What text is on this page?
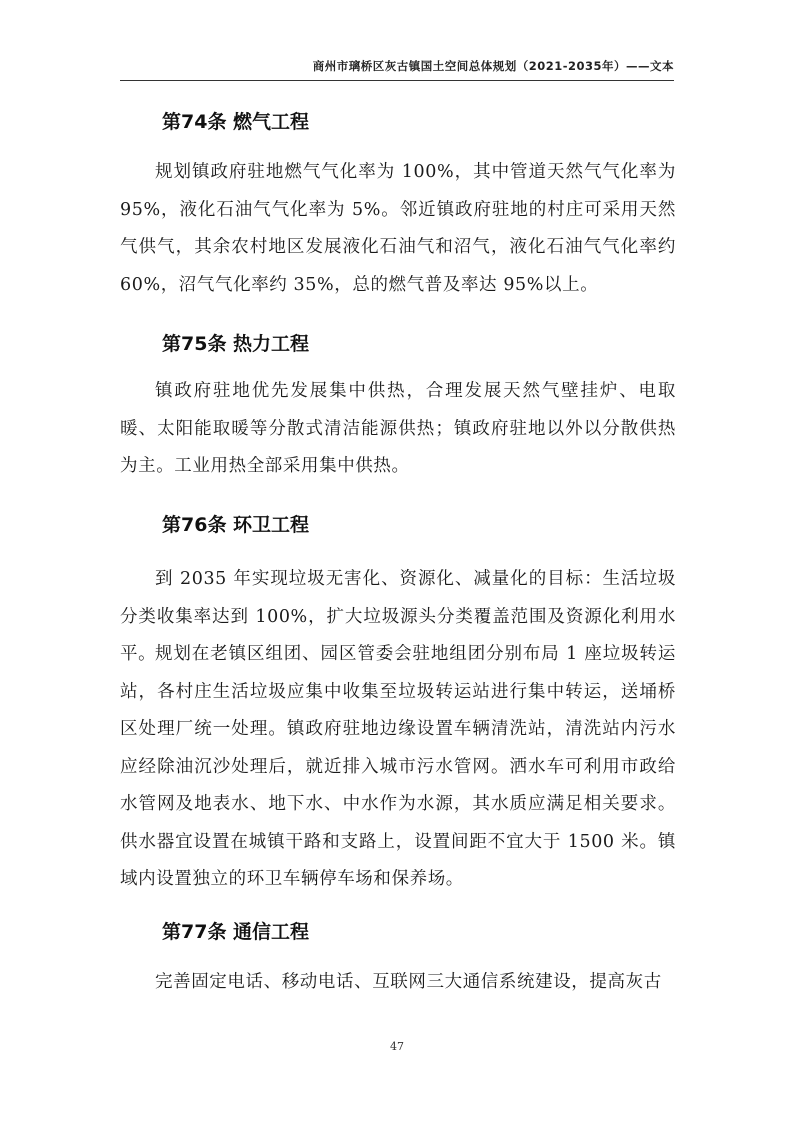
商州市璃桥区灰古镇国土空间总体规划（2021-2035年）——文本
第74条 燃气工程

规划镇政府驻地燃气气化率为 100%，其中管道天然气气化率为 95%，液化石油气气化率为 5%。邻近镇政府驻地的村庄可采用天然气供气，其余农村地区发展液化石油气和沼气，液化石油气气化率约 60%，沼气气化率约 35%，总的燃气普及率达 95%以上。

第75条 热力工程

镇政府驻地优先发展集中供热，合理发展天然气壁挂炉、电取暖、太阳能取暖等分散式清洁能源供热；镇政府驻地以外以分散供热为主。工业用热全部采用集中供热。

第76条 环卫工程

到 2035 年实现垃圾无害化、资源化、减量化的目标：生活垃圾分类收集率达到 100%，扩大垃圾源头分类覆盖范围及资源化利用水平。

规划在老镇区组团、园区管委会驻地组团分别布局 1 座垃圾转运站，各村庄生活垃圾应集中收集至垃圾转运站进行集中转运，送埇桥区处理厂统一处理。镇政府驻地边缘设置车辆清洗站，清洗站内污水应经除油沉沙处理后，就近排入城市污水管网。洒水车可利用市政给水管网及地表水、地下水、中水作为水源，其水质应满足相关要求。供水器宜设置在城镇干路和支路上，设置间距不宜大于 1500 米。镇域内设置独立的环卫车辆停车场和保养场。

第77条 通信工程

完善固定电话、移动电话、互联网三大通信系统建设，提高灰古

47
